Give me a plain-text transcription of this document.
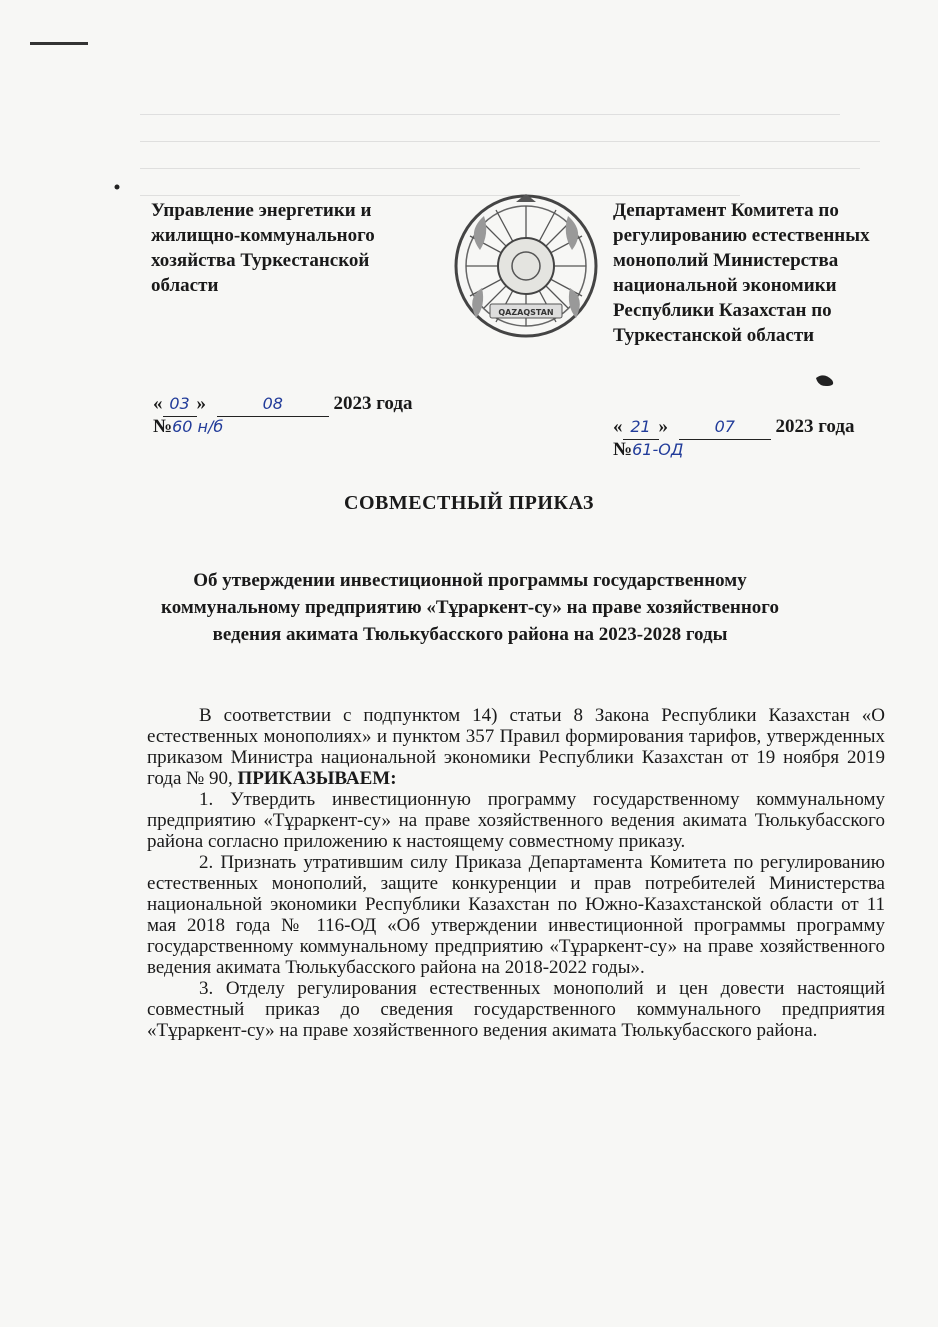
Управление энергетики и жилищно-коммунального хозяйства Туркестанской области
QAZAQSTAN
Департамент Комитета по регулированию естественных монополий Министерства национальной экономики Республики Казахстан по Туркестанской области
« 03 »	08	2023 года
№60 н/б	« 21 »	07 2023 года
№61-ОД
СОВМЕСТНЫЙ ПРИКАЗ
Об утверждении инвестиционной программы государственному коммунальному предприятию «Тұраркент-су» на праве хозяйственного ведения акимата Тюлькубасского района на 2023-2028 годы

В соответствии с подпунктом 14) статьи 8 Закона Республики Казахстан «О естественных монополиях» и пунктом 357 Правил формирования тарифов, утвержденных приказом Министра национальной экономики Республики Казахстан от 19 ноября 2019 года № 90, ПРИКАЗЫВАЕМ:

1. Утвердить инвестиционную программу государственному коммунальному предприятию «Тұраркент-су» на праве хозяйственного ведения акимата Тюлькубасского района согласно приложению к настоящему совместному приказу.

2. Признать утратившим силу Приказа Департамента Комитета по регулированию естественных монополий, защите конкуренции и прав потребителей Министерства национальной экономики Республики Казахстан по Южно-Казахстанской области от 11 мая 2018 года № 116-ОД «Об утверждении инвестиционной программы программу государственному коммунальному предприятию «Тұраркент-су» на праве хозяйственного ведения акимата Тюлькубасского района на 2018-2022 годы».

3. Отделу регулирования естественных монополий и цен довести настоящий совместный приказ до сведения государственного коммунального предприятия «Тұраркент-су» на праве хозяйственного ведения акимата Тюлькубасского района.
